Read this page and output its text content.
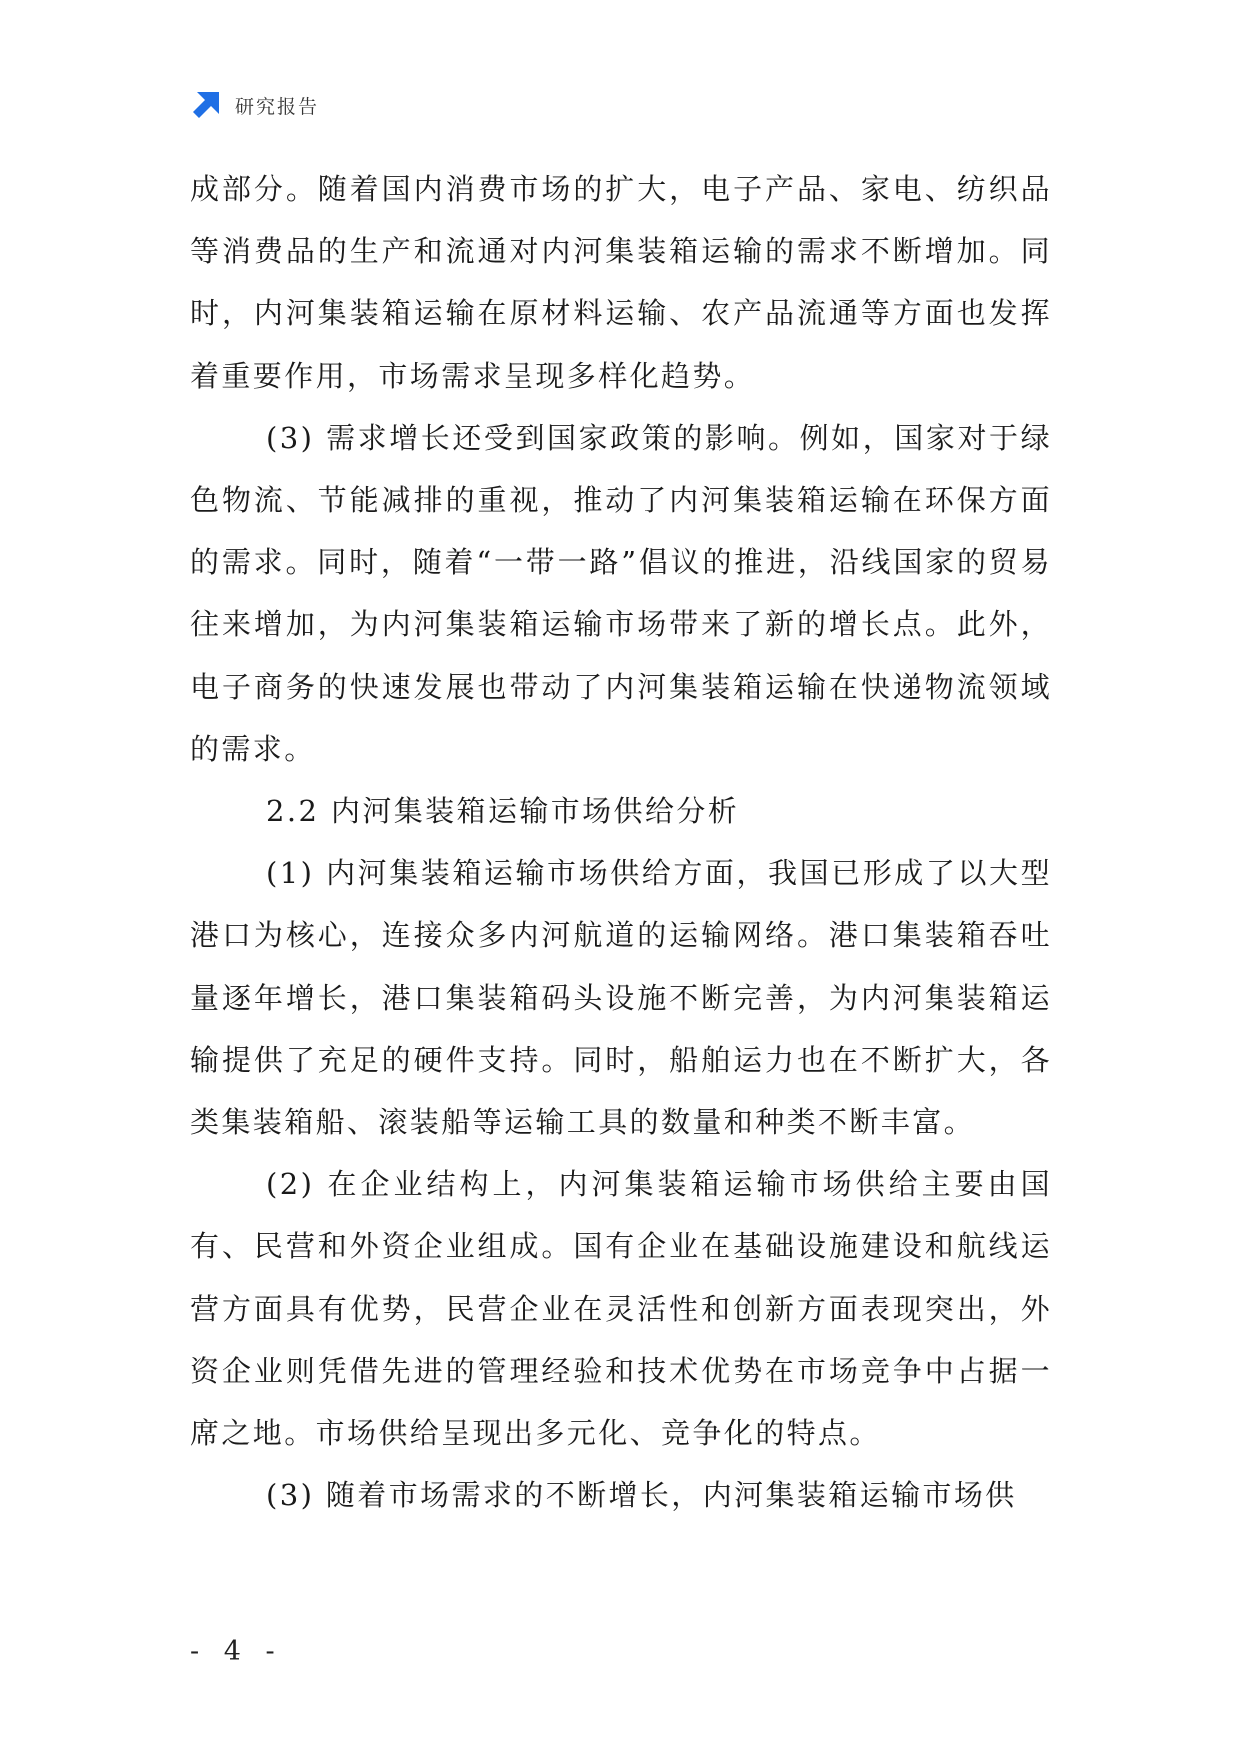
研究报告

成部分。随着国内消费市场的扩大，电子产品、家电、纺织品等消费品的生产和流通对内河集装箱运输的需求不断增加。同时，内河集装箱运输在原材料运输、农产品流通等方面也发挥着重要作用，市场需求呈现多样化趋势。

(3) 需求增长还受到国家政策的影响。例如，国家对于绿色物流、节能减排的重视，推动了内河集装箱运输在环保方面的需求。同时，随着“一带一路”倡议的推进，沿线国家的贸易往来增加，为内河集装箱运输市场带来了新的增长点。此外，电子商务的快速发展也带动了内河集装箱运输在快递物流领域的需求。

2.2 内河集装箱运输市场供给分析

(1) 内河集装箱运输市场供给方面，我国已形成了以大型港口为核心，连接众多内河航道的运输网络。港口集装箱吞吐量逐年增长，港口集装箱码头设施不断完善，为内河集装箱运输提供了充足的硬件支持。同时，船舶运力也在不断扩大，各类集装箱船、滚装船等运输工具的数量和种类不断丰富。

(2) 在企业结构上，内河集装箱运输市场供给主要由国有、民营和外资企业组成。国有企业在基础设施建设和航线运营方面具有优势，民营企业在灵活性和创新方面表现突出，外资企业则凭借先进的管理经验和技术优势在市场竞争中占据一席之地。市场供给呈现出多元化、竞争化的特点。

(3) 随着市场需求的不断增长，内河集装箱运输市场供

- 4 -
